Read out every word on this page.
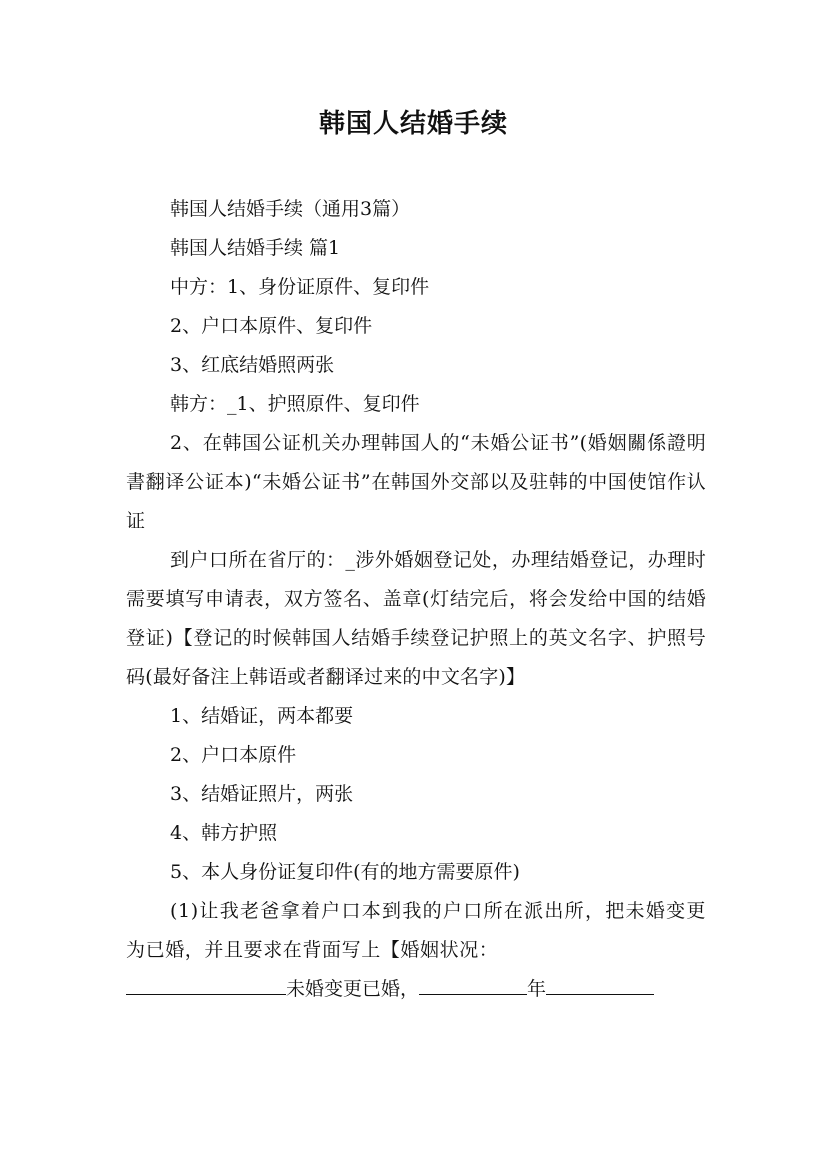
韩国人结婚手续
韩国人结婚手续（通用3篇）
韩国人结婚手续 篇1
中方：1、身份证原件、复印件
2、户口本原件、复印件
3、红底结婚照两张
韩方：_1、护照原件、复印件
2、在韩国公证机关办理韩国人的“未婚公证书”(婚姻關係證明書翻译公证本)“未婚公证书”在韩国外交部以及驻韩的中国使馆作认证
到户口所在省厅的：_涉外婚姻登记处，办理结婚登记，办理时需要填写申请表，双方签名、盖章(灯结完后，将会发给中国的结婚登证)【登记的时候韩国人结婚手续登记护照上的英文名字、护照号码(最好备注上韩语或者翻译过来的中文名字)】
1、结婚证，两本都要
2、户口本原件
3、结婚证照片，两张
4、韩方护照
5、本人身份证复印件(有的地方需要原件)
(1)让我老爸拿着户口本到我的户口所在派出所，把未婚变更为已婚，并且要求在背面写上【婚姻状况：
未婚变更已婚，	年
